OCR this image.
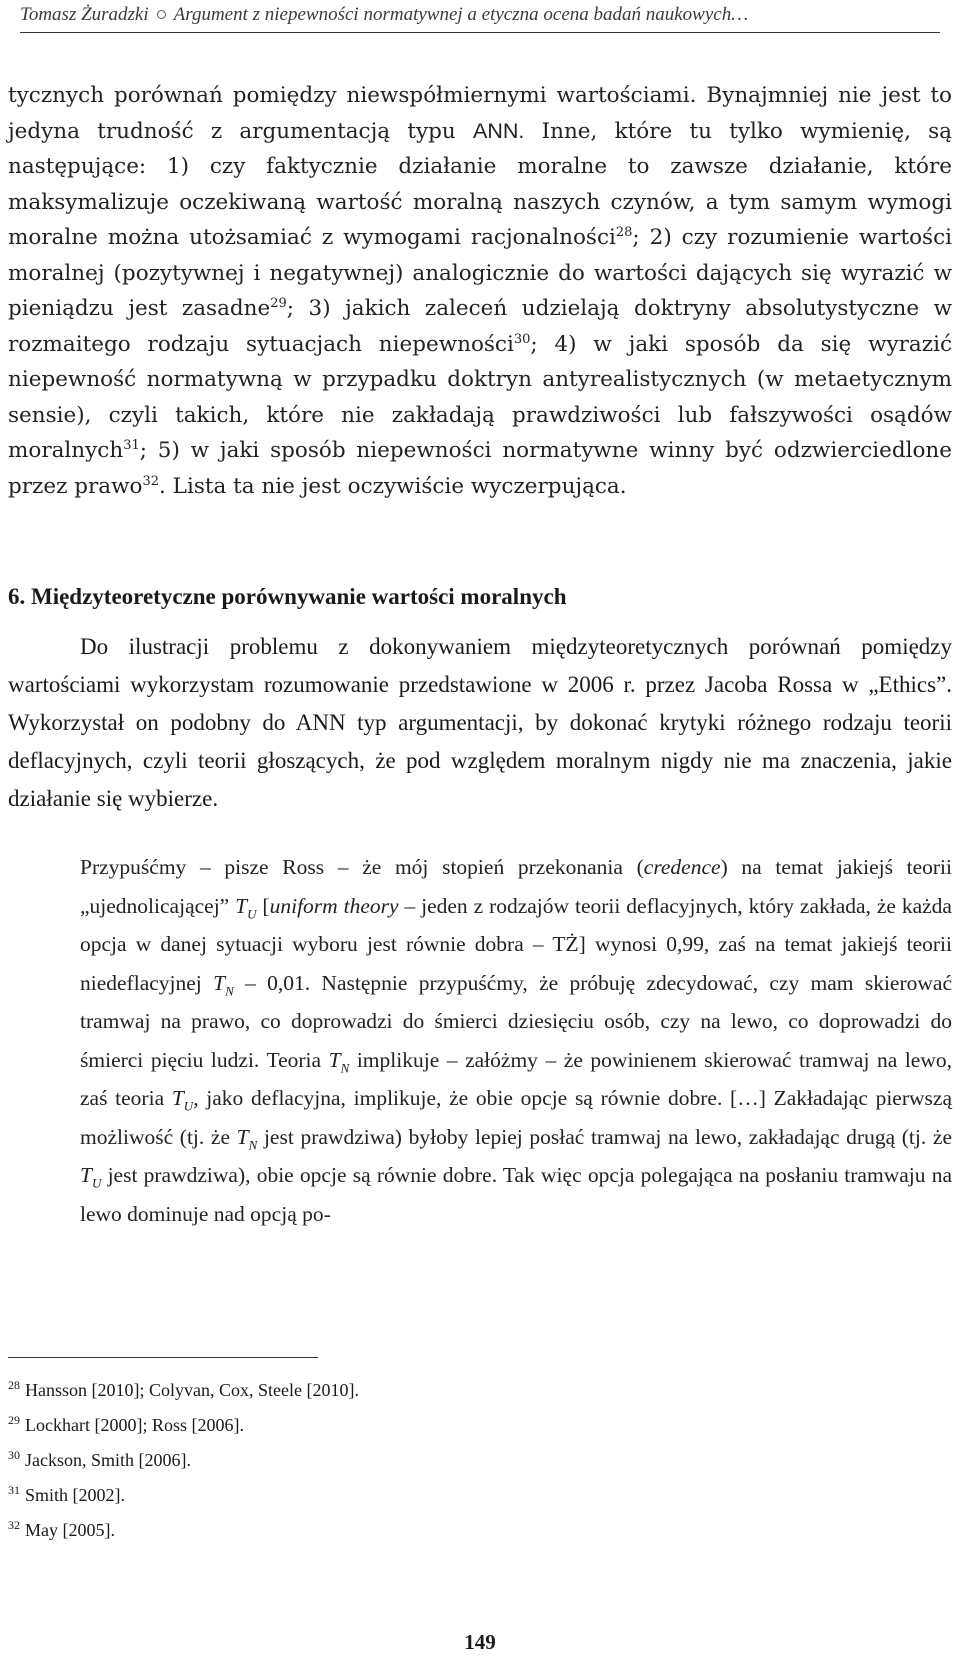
Tomasz Żuradzki Argument z niepewności normatywnej a etyczna ocena badań naukowych…

tycznych porównań pomiędzy niewspółmiernymi wartościami. Bynajmniej nie jest to jedyna trudność z argumentacją typu ANN. Inne, które tu tylko wymienię, są następujące: 1) czy faktycznie działanie moralne to zawsze działanie, które maksymalizuje oczekiwaną wartość moralną naszych czynów, a tym samym wymogi moralne można utożsamiać z wymogami racjonalności$^{28}$; 2) czy rozumienie wartości moralnej (pozytywnej i negatywnej) analogicznie do wartości dających się wyrazić w pieniądzu jest zasadne$^{29}$; 3) jakich zaleceń udzielają doktryny absolutystyczne w rozmaitego rodzaju sytuacjach niepewności$^{30}$; 4) w jaki sposób da się wyrazić niepewność normatywną w przypadku doktryn antyrealistycznych (w metaetycznym sensie), czyli takich, które nie zakładają prawdziwości lub fałszywości osądów moralnych$^{31}$; 5) w jaki sposób niepewności normatywne winny być odzwierciedlone przez prawo$^{32}$. Lista ta nie jest oczywiście wyczerpująca.

6. Międzyteoretyczne porównywanie wartości moralnych

Do ilustracji problemu z dokonywaniem międzyteoretycznych porównań pomiędzy wartościami wykorzystam rozumowanie przedstawione w 2006 r. przez Jacoba Rossa w „Ethics”. Wykorzystał on podobny do ANN typ argumentacji, by dokonać krytyki różnego rodzaju teorii deflacyjnych, czyli teorii głoszących, że pod względem moralnym nigdy nie ma znaczenia, jakie działanie się wybierze.

Przypuśćmy – pisze Ross – że mój stopień przekonania (credence) na temat jakiejś teorii „ujednolicającej” $T_U$ [uniform theory – jeden z rodzajów teorii deflacyjnych, który zakłada, że każda opcja w danej sytuacji wyboru jest równie dobra – TŻ] wynosi 0,99, zaś na temat jakiejś teorii niedeflacyjnej $T_N - 0,01$. Następnie przypuśćmy, że próbuję zdecydować, czy mam skierować tramwaj na prawo, co doprowadzi do śmierci dziesięciu osób, czy na lewo, co doprowadzi do śmierci pięciu ludzi. Teoria $T_N$ implikuje – załóżmy – że powinienem skierować tramwaj na lewo, zaś teoria $T_U$, jako deflacyjna, implikuje, że obie opcje są równie dobre. […] Zakładając pierwszą możliwość (tj. że $T_N$ jest prawdziwa) byłoby lepiej posłać tramwaj na lewo, zakładając drugą (tj. że $T_U$ jest prawdziwa), obie opcje są równie dobre. Tak więc opcja polegająca na posłaniu tramwaju na lewo dominuje nad opcją po-

$^{28}$ Hansson [2010]; Colyvan, Cox, Steele [2010].
$^{29}$ Lockhart [2000]; Ross [2006].
$^{30}$ Jackson, Smith [2006].
$^{31}$ Smith [2002].
$^{32}$ May [2005].
149
